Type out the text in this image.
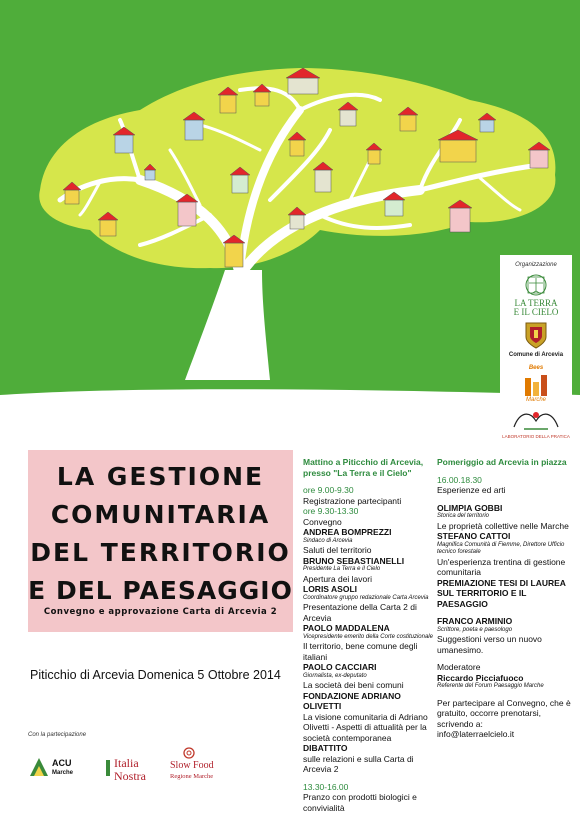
Organizzazione
LA TERRA
E IL CIELO
Comune di Arcevia
Bees
Marche
LABORATORIO DELLA PRATICA
LA GESTIONE
COMUNITARIA
DEL TERRITORIO
E DEL PAESAGGIO
Convegno e approvazione Carta di Arcevia 2
Piticchio di Arcevia Domenica 5 Ottobre 2014
Con la partecipazione
ACU
Marche
Italia
Nostra
Slow Food
Regione Marche
Mattino a Piticchio di Arcevia, presso "La Terra e il Cielo"
ore 9.00-9.30
Registrazione partecipanti
ore 9.30-13.30
Convegno
ANDREA BOMPREZZI
Sindaco di Arcevia
Saluti del territorio
BRUNO SEBASTIANELLI
Presidente La Terra e il Cielo
Apertura dei lavori
LORIS ASOLI
Coordinatore gruppo redazionale Carta Arcevia
Presentazione della Carta 2 di Arcevia
PAOLO MADDALENA
Vicepresidente emerito della Corte costituzionale
Il territorio, bene comune degli italiani
PAOLO CACCIARI
Giornalista, ex-deputato
La società dei beni comuni
FONDAZIONE ADRIANO OLIVETTI
La visione comunitaria di Adriano Olivetti - Aspetti di attualità per la società contemporanea
DIBATTITO
sulle relazioni e sulla Carta di Arcevia 2
13.30-16.00
Pranzo con prodotti biologici e convivialità
Pomeriggio ad Arcevia in piazza
16.00.18.30
Esperienze ed arti
OLIMPIA GOBBI
Storica del territorio
Le proprietà collettive nelle Marche
STEFANO CATTOI
Magnifica Comunità di Fiemme, Direttore Ufficio tecnico forestale
Un'esperienza trentina di gestione comunitaria
PREMIAZIONE TESI DI LAUREA SUL TERRITORIO E IL PAESAGGIO
FRANCO ARMINIO
Scrittore, poeta e paesologo
Suggestioni verso un nuovo umanesimo.
Moderatore
Riccardo Picciafuoco
Referente del Forum Paesaggio Marche
Per partecipare al Convegno, che è gratuito, occorre prenotarsi, scrivendo a:
info@laterraelcielo.it
